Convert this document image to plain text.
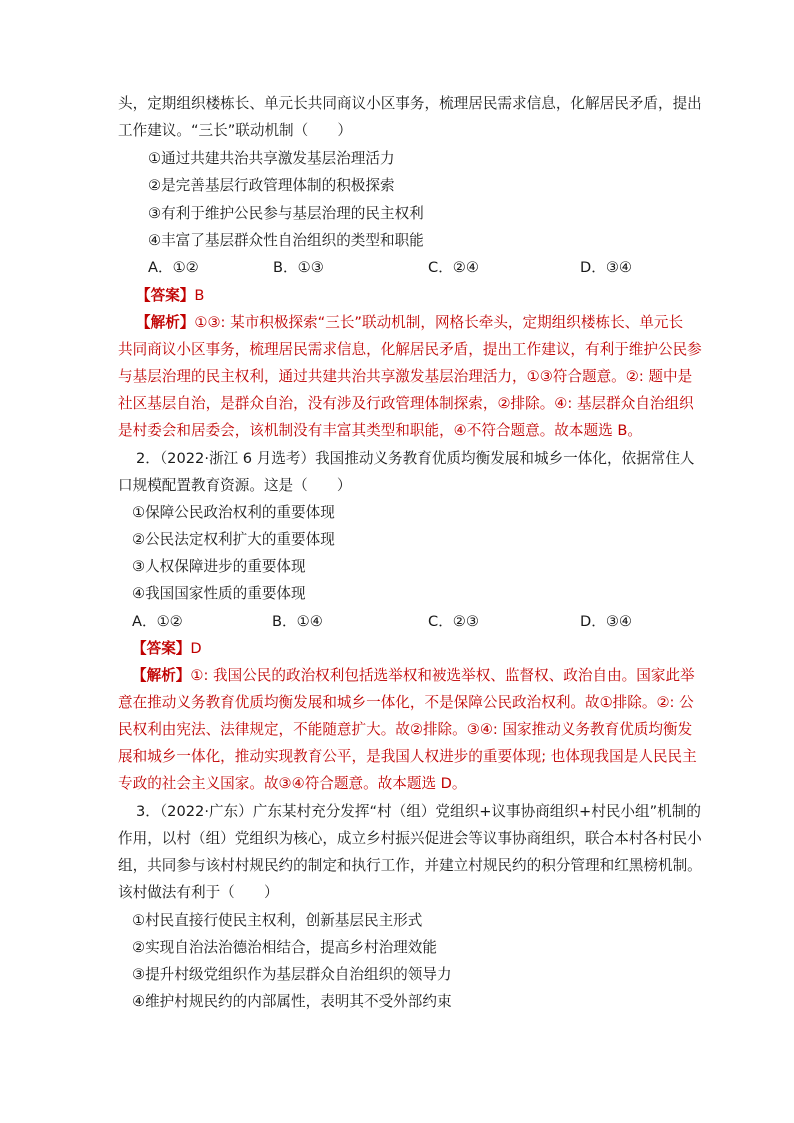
头，定期组织楼栋长、单元长共同商议小区事务，梳理居民需求信息，化解居民矛盾，提出
工作建议。“三长”联动机制（　　）
①通过共建共治共享激发基层治理活力
②是完善基层行政管理体制的积极探索
③有利于维护公民参与基层治理的民主权利
④丰富了基层群众性自治组织的类型和职能
A．①②	B．①③	C．②④	D．③④
【答案】B
【解析】①③: 某市积极探索“三长”联动机制，网格长牵头，定期组织楼栋长、单元长
共同商议小区事务，梳理居民需求信息，化解居民矛盾，提出工作建议，有利于维护公民参
与基层治理的民主权利，通过共建共治共享激发基层治理活力，①③符合题意。②: 题中是
社区基层自治，是群众自治，没有涉及行政管理体制探索，②排除。④: 基层群众自治组织
是村委会和居委会，该机制没有丰富其类型和职能，④不符合题意。故本题选 B。
2．（2022·浙江 6 月选考）我国推动义务教育优质均衡发展和城乡一体化，依据常住人
口规模配置教育资源。这是（　　）
①保障公民政治权利的重要体现
②公民法定权利扩大的重要体现
③人权保障进步的重要体现
④我国国家性质的重要体现
A．①②	B．①④	C．②③	D．③④
【答案】D
【解析】①: 我国公民的政治权利包括选举权和被选举权、监督权、政治自由。国家此举
意在推动义务教育优质均衡发展和城乡一体化，不是保障公民政治权利。故①排除。②: 公
民权利由宪法、法律规定，不能随意扩大。故②排除。③④: 国家推动义务教育优质均衡发
展和城乡一体化，推动实现教育公平，是我国人权进步的重要体现; 也体现我国是人民民主
专政的社会主义国家。故③④符合题意。故本题选 D。
3．（2022·广东）广东某村充分发挥“村（组）党组织+议事协商组织+村民小组”机制的
作用，以村（组）党组织为核心，成立乡村振兴促进会等议事协商组织，联合本村各村民小
组，共同参与该村村规民约的制定和执行工作，并建立村规民约的积分管理和红黑榜机制。
该村做法有利于（　　）
①村民直接行使民主权利，创新基层民主形式
②实现自治法治德治相结合，提高乡村治理效能
③提升村级党组织作为基层群众自治组织的领导力
④维护村规民约的内部属性，表明其不受外部约束
